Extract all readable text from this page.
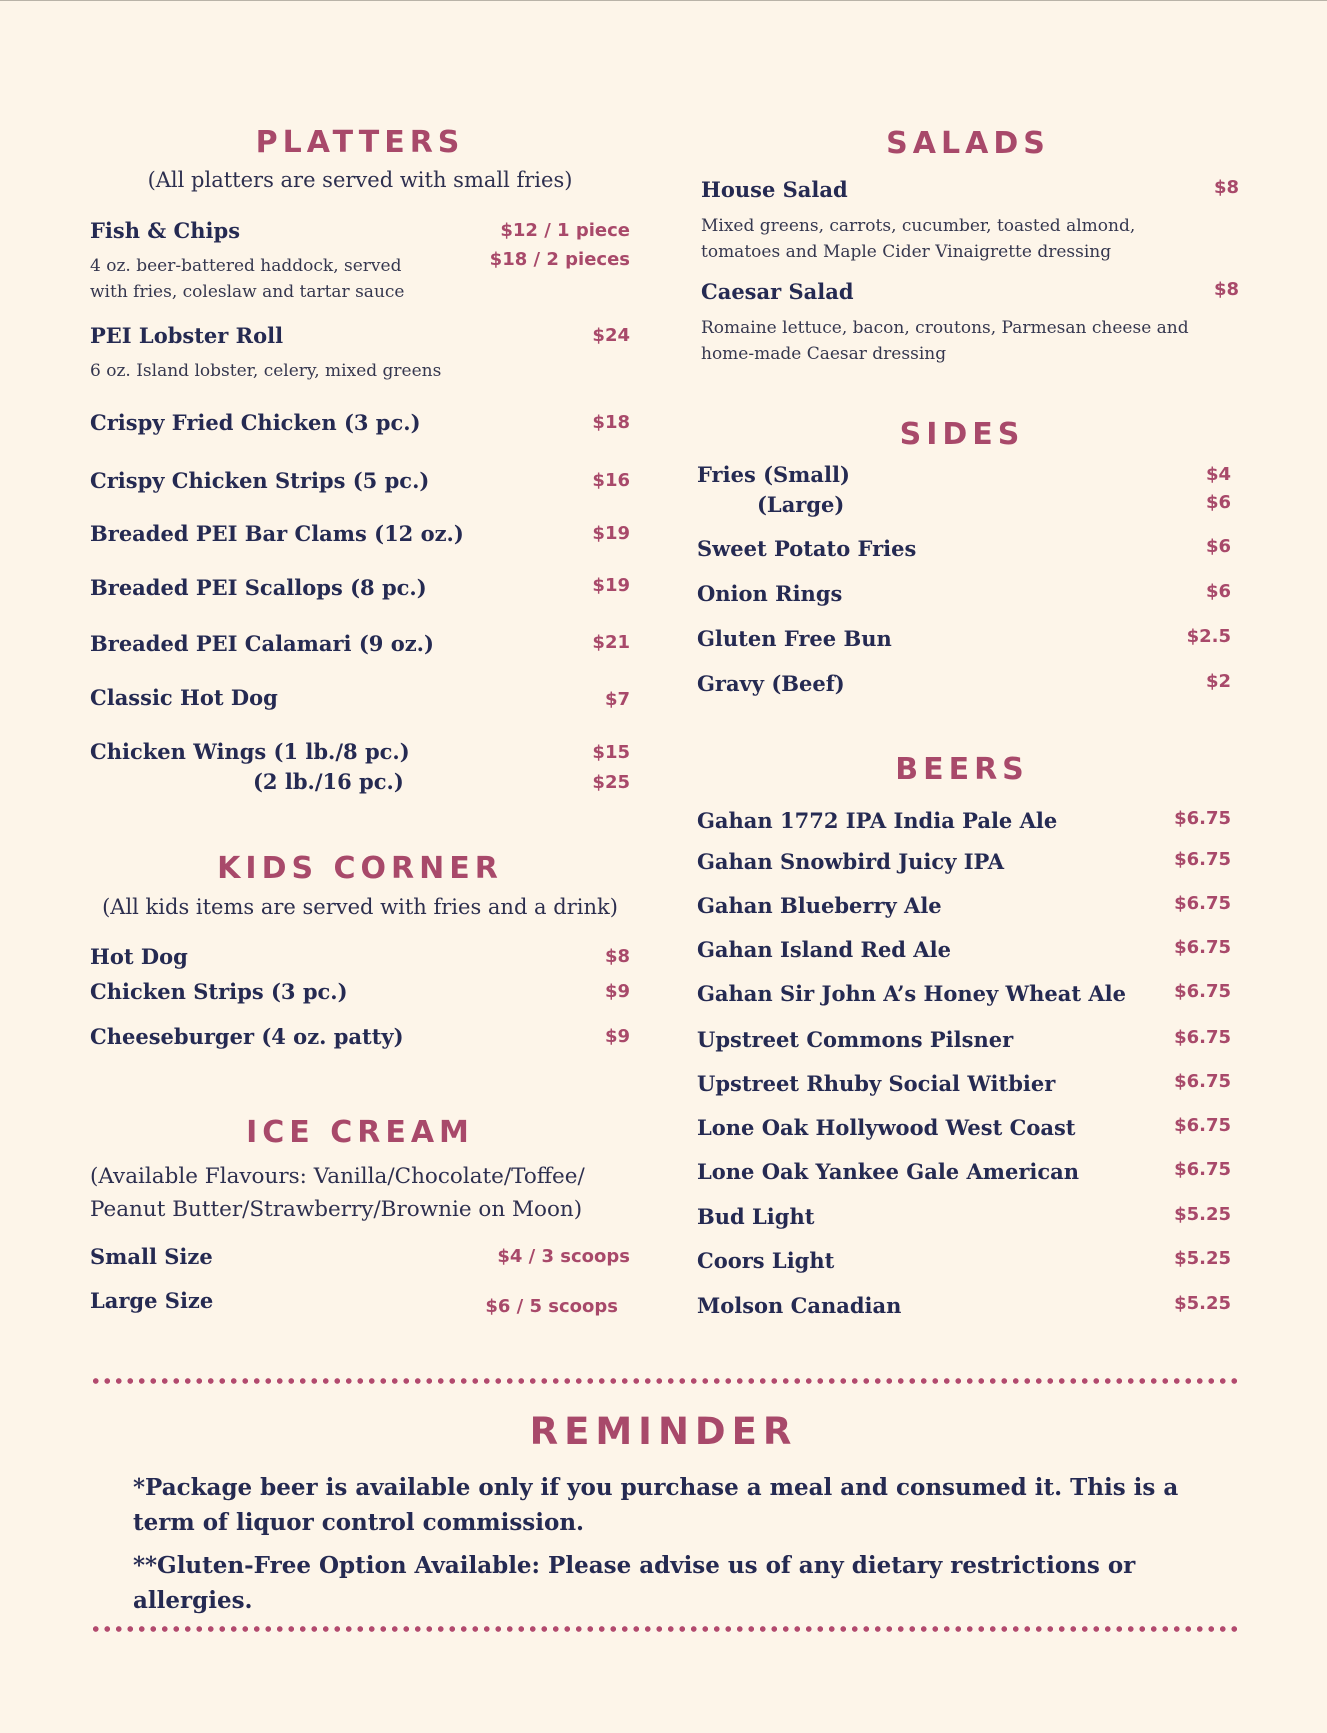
PLATTERS
(All platters are served with small fries)
Fish & Chips	$12 / 1 piece
$18 / 2 pieces
4 oz. beer-battered haddock, served
with fries, coleslaw and tartar sauce
PEI Lobster Roll	$24
6 oz. Island lobster, celery, mixed greens
Crispy Fried Chicken (3 pc.)	$18
Crispy Chicken Strips (5 pc.)	$16
Breaded PEI Bar Clams (12 oz.)	$19
Breaded PEI Scallops (8 pc.)	$19
Breaded PEI Calamari (9 oz.)	$21
Classic Hot Dog	$7
Chicken Wings (1 lb./8 pc.)	$15
(2 lb./16 pc.)	$25
KIDS CORNER
(All kids items are served with fries and a drink)
Hot Dog	$8
Chicken Strips (3 pc.)	$9
Cheeseburger (4 oz. patty)	$9
ICE CREAM
(Available Flavours: Vanilla/Chocolate/Toffee/
Peanut Butter/Strawberry/Brownie on Moon)
Small Size	$4 / 3 scoops
Large Size	$6 / 5 scoops
SALADS
House Salad	$8
Mixed greens, carrots, cucumber, toasted almond,
tomatoes and Maple Cider Vinaigrette dressing
Caesar Salad	$8
Romaine lettuce, bacon, croutons, Parmesan cheese and
home-made Caesar dressing
SIDES
Fries (Small)	$4
(Large)	$6
Sweet Potato Fries	$6
Onion Rings	$6
Gluten Free Bun	$2.5
Gravy (Beef)	$2
BEERS
Gahan 1772 IPA India Pale Ale	$6.75
Gahan Snowbird Juicy IPA	$6.75
Gahan Blueberry Ale	$6.75
Gahan Island Red Ale	$6.75
Gahan Sir John A’s Honey Wheat Ale	$6.75
Upstreet Commons Pilsner	$6.75
Upstreet Rhuby Social Witbier	$6.75
Lone Oak Hollywood West Coast	$6.75
Lone Oak Yankee Gale American	$6.75
Bud Light	$5.25
Coors Light	$5.25
Molson Canadian	$5.25
REMINDER
*Package beer is available only if you purchase a meal and consumed it. This is a term of liquor control commission.
**Gluten-Free Option Available: Please advise us of any dietary restrictions or allergies.
